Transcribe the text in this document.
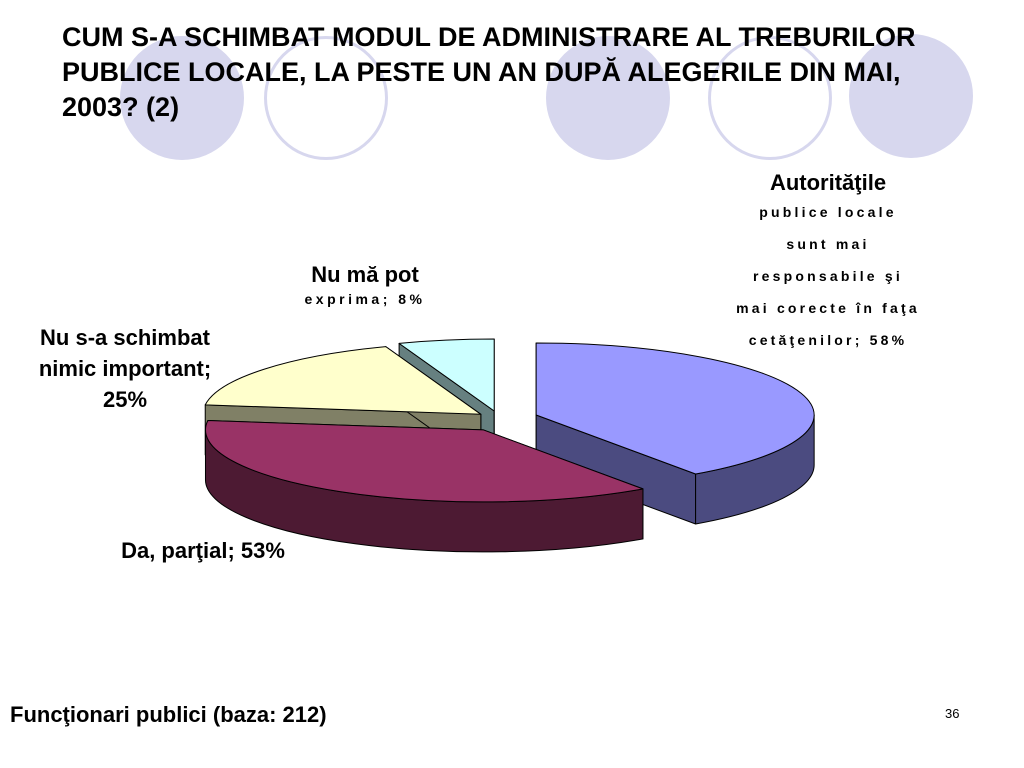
CUM S-A SCHIMBAT MODUL DE ADMINISTRARE AL TREBURILOR PUBLICE LOCALE, LA PESTE UN AN DUPĂ ALEGERILE DIN MAI, 2003? (2)
Nu mă pot
exprima; 8%
Nu s-a schimbat
nimic important;
25%
Da, parţial; 53%
Autorităţile
publice locale
sunt mai
responsabile şi
mai corecte în faţa
cetăţenilor; 58%
Funcţionari publici (baza: 212)	36
